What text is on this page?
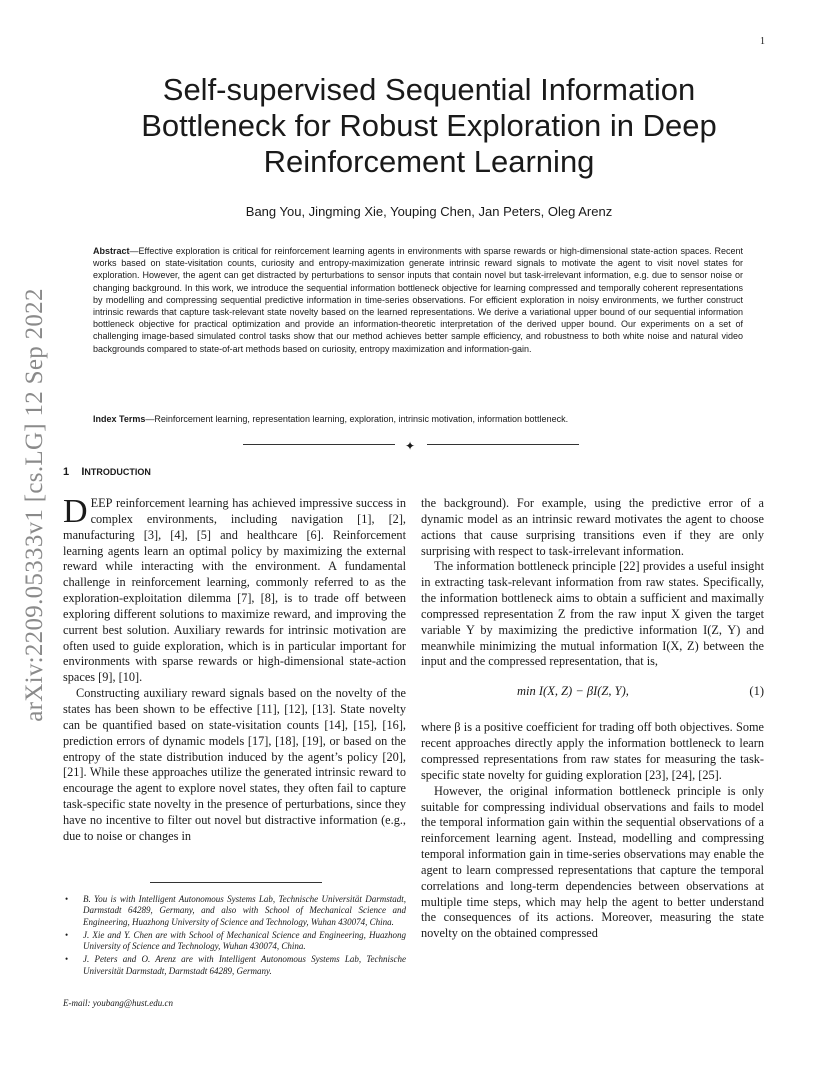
1
arXiv:2209.05333v1 [cs.LG] 12 Sep 2022
Self-supervised Sequential Information
Bottleneck for Robust Exploration in Deep
Reinforcement Learning
Bang You, Jingming Xie, Youping Chen, Jan Peters, Oleg Arenz
Abstract—Effective exploration is critical for reinforcement learning agents in environments with sparse rewards or high-dimensional state-action spaces. Recent works based on state-visitation counts, curiosity and entropy-maximization generate intrinsic reward signals to motivate the agent to visit novel states for exploration. However, the agent can get distracted by perturbations to sensor inputs that contain novel but task-irrelevant information, e.g. due to sensor noise or changing background. In this work, we introduce the sequential information bottleneck objective for learning compressed and temporally coherent representations by modelling and compressing sequential predictive information in time-series observations. For efficient exploration in noisy environments, we further construct intrinsic rewards that capture task-relevant state novelty based on the learned representations. We derive a variational upper bound of our sequential information bottleneck objective for practical optimization and provide an information-theoretic interpretation of the derived upper bound. Our experiments on a set of challenging image-based simulated control tasks show that our method achieves better sample efficiency, and robustness to both white noise and natural video backgrounds compared to state-of-art methods based on curiosity, entropy maximization and information-gain.
Index Terms—Reinforcement learning, representation learning, exploration, intrinsic motivation, information bottleneck.
✦
1 INTRODUCTION

DEEP reinforcement learning has achieved impressive success in complex environments, including navigation [1], [2], manufacturing [3], [4], [5] and healthcare [6]. Reinforcement learning agents learn an optimal policy by maximizing the external reward while interacting with the environment. A fundamental challenge in reinforcement learning, commonly referred to as the exploration-exploitation dilemma [7], [8], is to trade off between exploring different solutions to maximize reward, and improving the current best solution. Auxiliary rewards for intrinsic motivation are often used to guide exploration, which is in particular important for environments with sparse rewards or high-dimensional state-action spaces [9], [10].

Constructing auxiliary reward signals based on the novelty of the states has been shown to be effective [11], [12], [13]. State novelty can be quantified based on state-visitation counts [14], [15], [16], prediction errors of dynamic models [17], [18], [19], or based on the entropy of the state distribution induced by the agent’s policy [20], [21]. While these approaches utilize the generated intrinsic reward to encourage the agent to explore novel states, they often fail to capture task-specific state novelty in the presence of perturbations, since they have no incentive to filter out novel but distractive information (e.g., due to noise or changes in

the background). For example, using the predictive error of a dynamic model as an intrinsic reward motivates the agent to choose actions that cause surprising transitions even if they are only surprising with respect to task-irrelevant information.

The information bottleneck principle [22] provides a useful insight in extracting task-relevant information from raw states. Specifically, the information bottleneck aims to obtain a sufficient and maximally compressed representation Z from the raw input X given the target variable Y by maximizing the predictive information I(Z, Y) and meanwhile minimizing the mutual information I(X, Z) between the input and the compressed representation, that is,

min I(X, Z) − βI(Z, Y),	(1)

where β is a positive coefficient for trading off both objectives. Some recent approaches directly apply the information bottleneck to learn compressed representations from raw states for measuring the task-specific state novelty for guiding exploration [23], [24], [25].

However, the original information bottleneck principle is only suitable for compressing individual observations and fails to model the temporal information gain within the sequential observations of a reinforcement learning agent. Instead, modelling and compressing temporal information gain in time-series observations may enable the agent to learn compressed representations that capture the temporal correlations and long-term dependencies between observations at multiple time steps, which may help the agent to better understand the consequences of its actions. Moreover, measuring the state novelty on the obtained compressed

• B. You is with Intelligent Autonomous Systems Lab, Technische Universität Darmstadt, Darmstadt 64289, Germany, and also with School of Mechanical Science and Engineering, Huazhong University of Science and Technology, Wuhan 430074, China.
• J. Xie and Y. Chen are with School of Mechanical Science and Engineering, Huazhong University of Science and Technology, Wuhan 430074, China.
• J. Peters and O. Arenz are with Intelligent Autonomous Systems Lab, Technische Universität Darmstadt, Darmstadt 64289, Germany.
E-mail: youbang@hust.edu.cn
